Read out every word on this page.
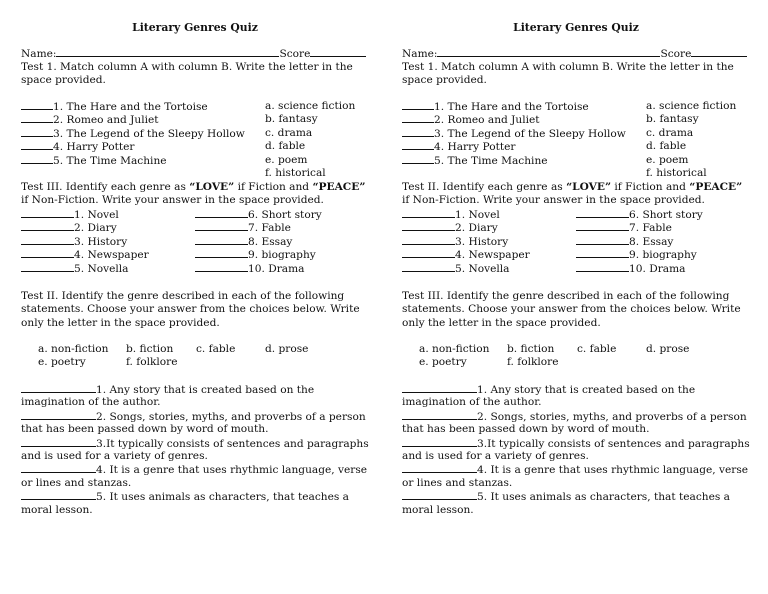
Literary Genres Quiz
Name:	Score
Test 1. Match column A with column B. Write the letter in the space provided.
1. The Hare and the Tortoise
2. Romeo and Juliet
3. The Legend of the Sleepy Hollow
4. Harry Potter
5. The Time Machine
a. science fiction
b. fantasy
c. drama
d. fable
e. poem
f. historical
Test III. Identify each genre as “LOVE” if Fiction and “PEACE” if Non-Fiction. Write your answer in the space provided.
1. Novel
2. Diary
3. History
4. Newspaper
5. Novella
6. Short story
7. Fable
8. Essay
9. biography
10. Drama
Test II. Identify the genre described in each of the following statements. Choose your answer from the choices below. Write only the letter in the space provided.
a. non-fiction b. fiction c. fable	d. prose
e. poetry	f. folklore
1. Any story that is created based on the
imagination of the author.
2. Songs, stories, myths, and proverbs of a person
that has been passed down by word of mouth.
3.It typically consists of sentences and paragraphs
and is used for a variety of genres.
4. It is a genre that uses rhythmic language, verse
or lines and stanzas.
5. It uses animals as characters, that teaches a
moral lesson.
Literary Genres Quiz
Name:	Score
Test 1. Match column A with column B. Write the letter in the space provided.
1. The Hare and the Tortoise
2. Romeo and Juliet
3. The Legend of the Sleepy Hollow
4. Harry Potter
5. The Time Machine
a. science fiction
b. fantasy
c. drama
d. fable
e. poem
f. historical
Test II. Identify each genre as “LOVE” if Fiction and “PEACE” if Non-Fiction. Write your answer in the space provided.
1. Novel
2. Diary
3. History
4. Newspaper
5. Novella
6. Short story
7. Fable
8. Essay
9. biography
10. Drama
Test III. Identify the genre described in each of the following statements. Choose your answer from the choices below. Write only the letter in the space provided.
a. non-fiction b. fiction c. fable	d. prose
e. poetry	f. folklore
1. Any story that is created based on the
imagination of the author.
2. Songs, stories, myths, and proverbs of a person
that has been passed down by word of mouth.
3.It typically consists of sentences and paragraphs
and is used for a variety of genres.
4. It is a genre that uses rhythmic language, verse
or lines and stanzas.
5. It uses animals as characters, that teaches a
moral lesson.
